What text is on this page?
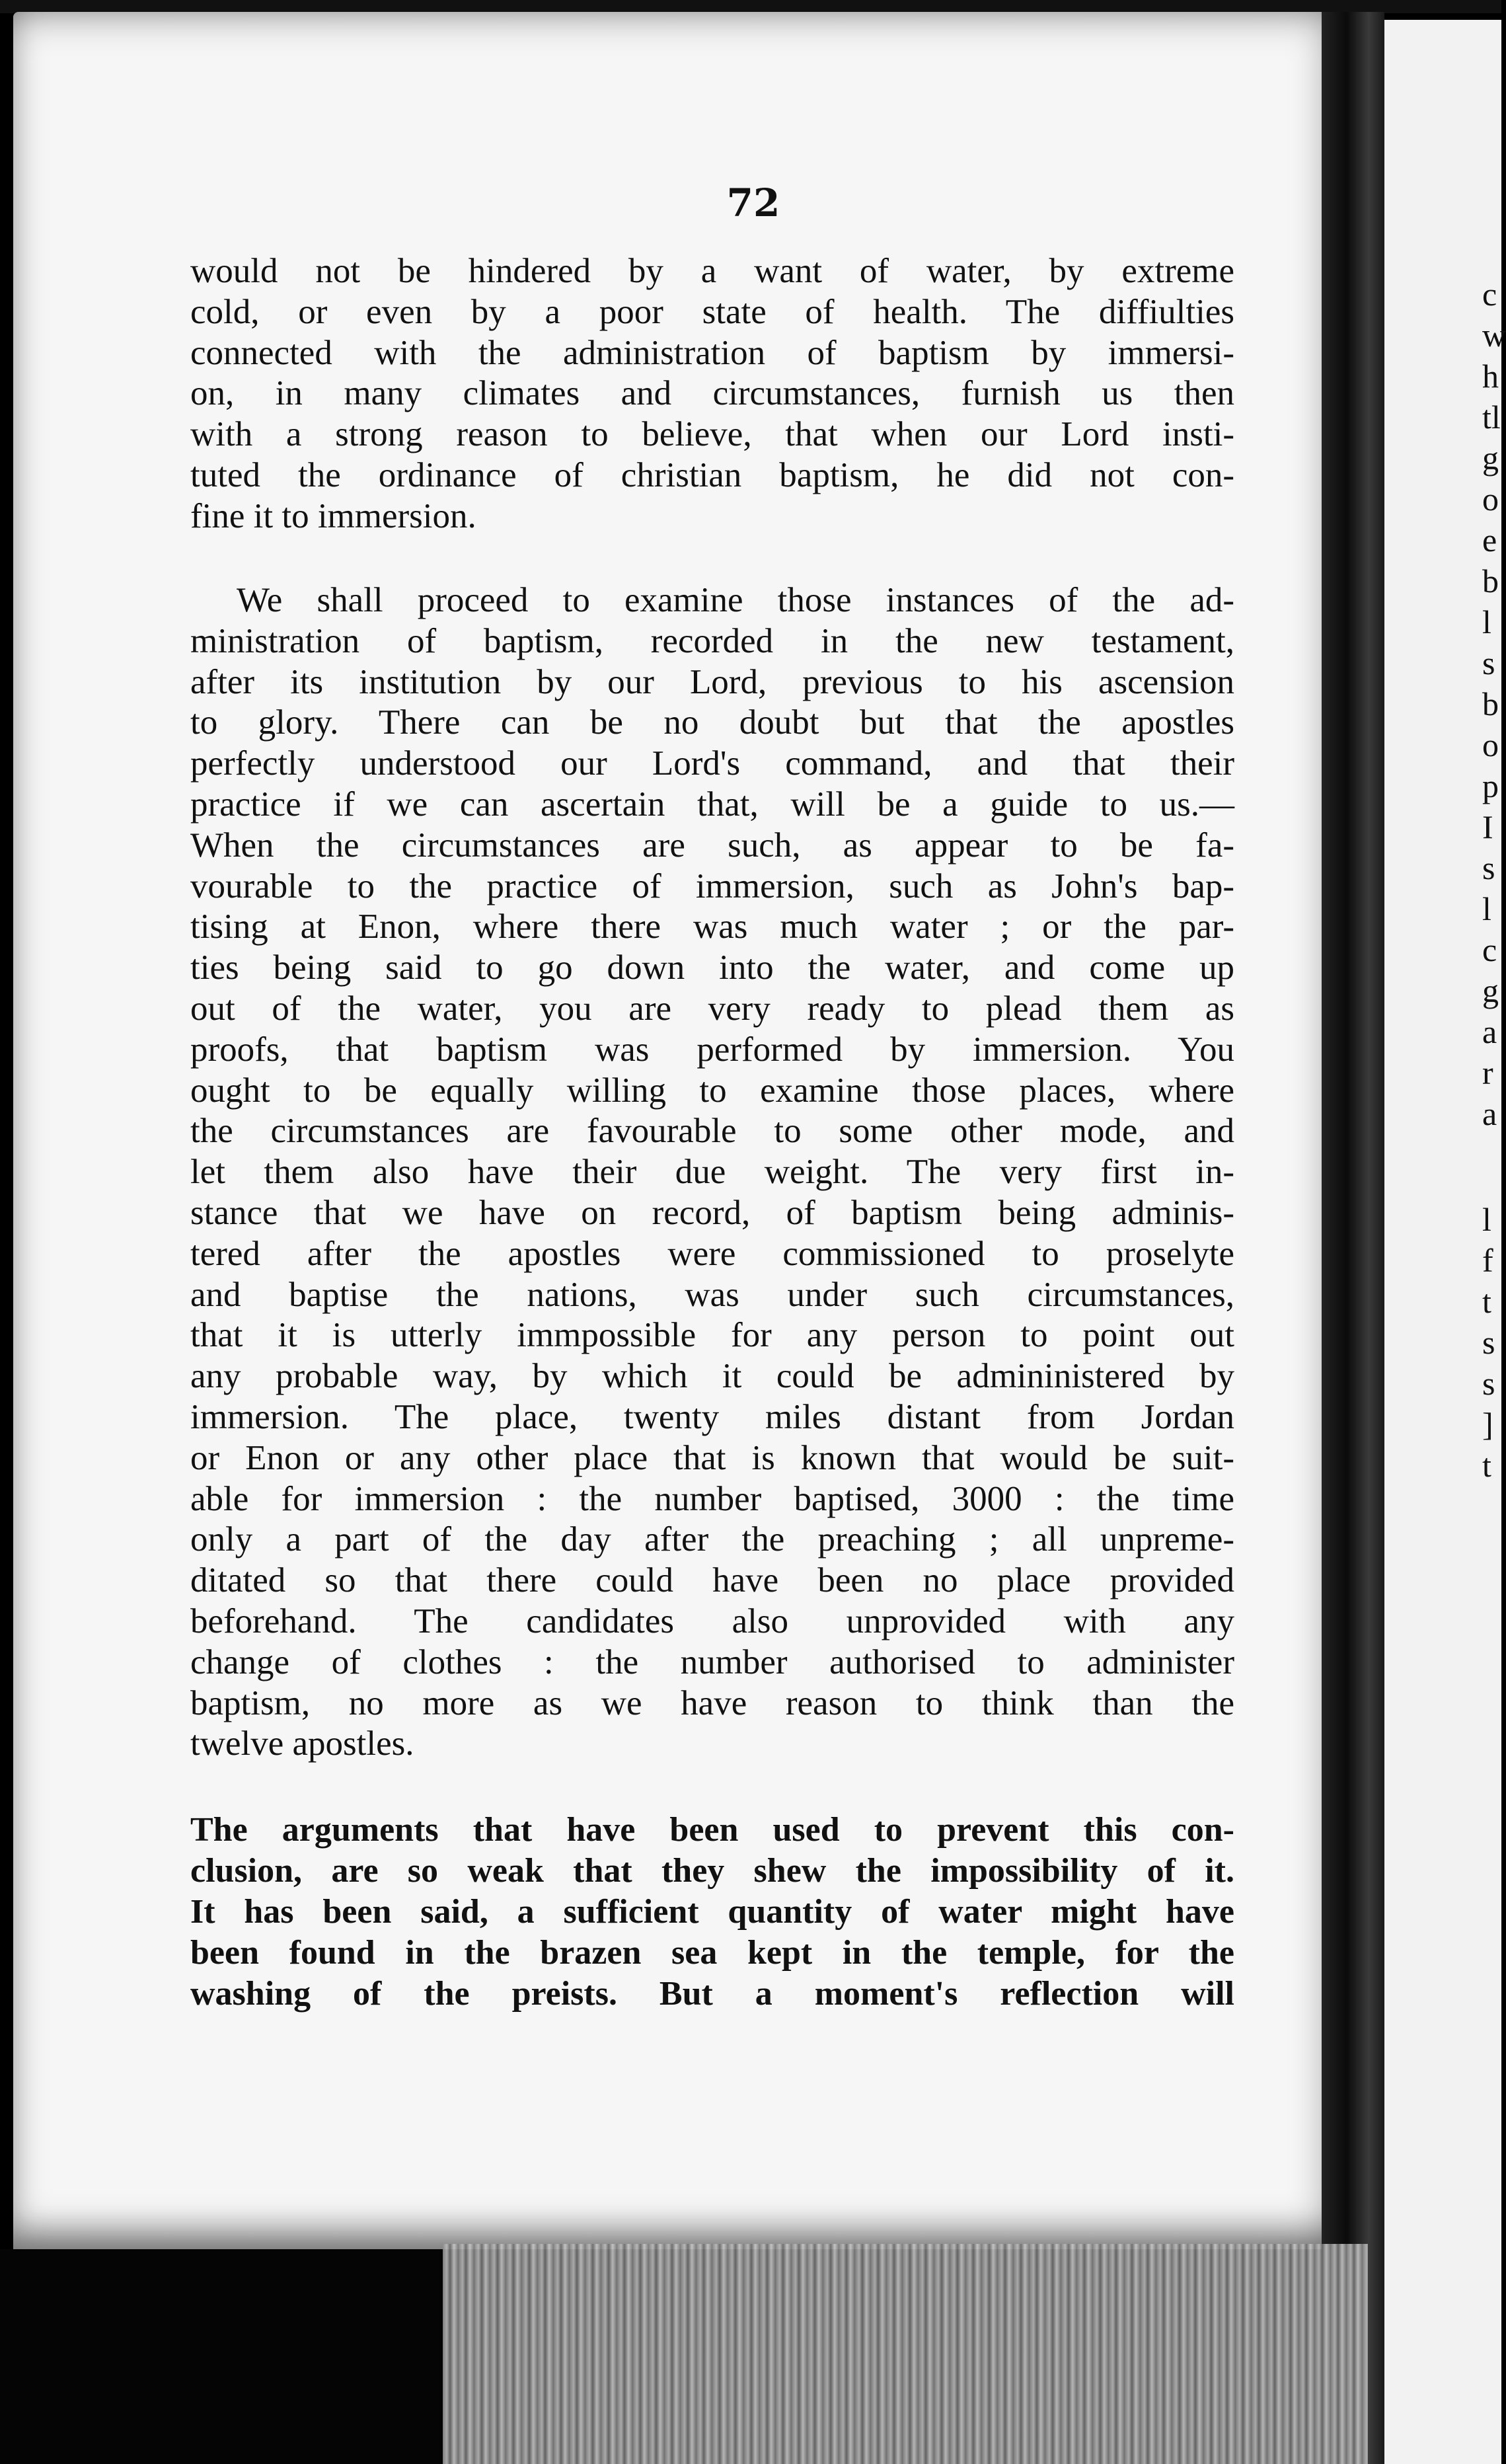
72
would not be hindered by a want of water, by extreme
cold, or even by a poor state of health. The diffiulties
connected with the administration of baptism by immersi-
on, in many climates and circumstances, furnish us then
with a strong reason to believe, that when our Lord insti-
tuted the ordinance of christian baptism, he did not con-
fine it to immersion.
We shall proceed to examine those instances of the ad-
ministration of baptism, recorded in the new testament,
after its institution by our Lord, previous to his ascension
to glory. There can be no doubt but that the apostles
perfectly understood our Lord's command, and that their
practice if we can ascertain that, will be a guide to us.—
When the circumstances are such, as appear to be fa-
vourable to the practice of immersion, such as John's bap-
tising at Enon, where there was much water ; or the par-
ties being said to go down into the water, and come up
out of the water, you are very ready to plead them as
proofs, that baptism was performed by immersion. You
ought to be equally willing to examine those places, where
the circumstances are favourable to some other mode, and
let them also have their due weight. The very first in-
stance that we have on record, of baptism being adminis-
tered after the apostles were commissioned to proselyte
and baptise the nations, was under such circumstances,
that it is utterly immpossible for any person to point out
any probable way, by which it could be admininistered by
immersion. The place, twenty miles distant from Jordan
or Enon or any other place that is known that would be suit-
able for immersion : the number baptised, 3000 : the time
only a part of the day after the preaching ; all unpreme-
ditated so that there could have been no place provided
beforehand. The candidates also unprovided with any
change of clothes : the number authorised to administer
baptism, no more as we have reason to think than the
twelve apostles.
The arguments that have been used to prevent this con-
clusion, are so weak that they shew the impossibility of it.
It has been said, a sufficient quantity of water might have
been found in the brazen sea kept in the temple, for the
washing of the preists. But a moment's reflection will
c
w
h
tl
g
o
e
b
l
s
b
o
p
I
s
l
c
g
a
r
a
l
f
t
s
s
]
t
